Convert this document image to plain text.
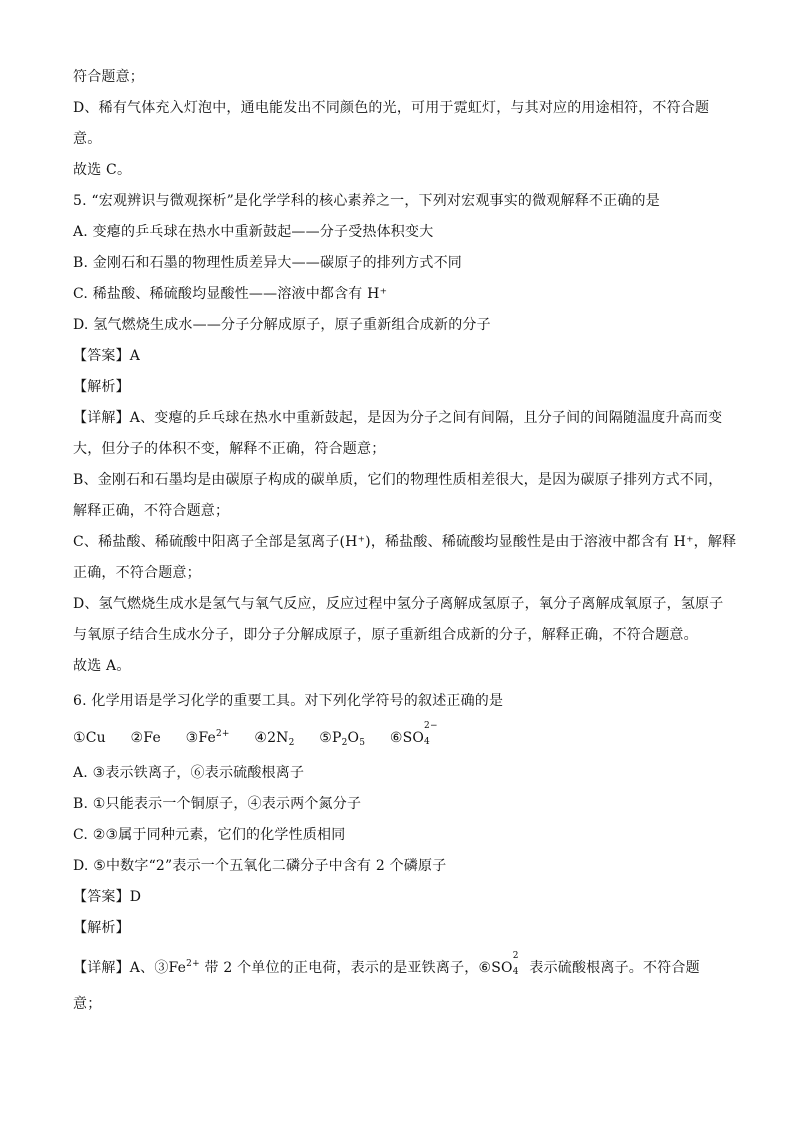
符合题意；
D、稀有气体充入灯泡中，通电能发出不同颜色的光，可用于霓虹灯，与其对应的用途相符，不符合题
意。
故选 C。
5. “宏观辨识与微观探析”是化学学科的核心素养之一，下列对宏观事实的微观解释不正确的是
A. 变瘪的乒乓球在热水中重新鼓起——分子受热体积变大
B. 金刚石和石墨的物理性质差异大——碳原子的排列方式不同
C. 稀盐酸、稀硫酸均显酸性——溶液中都含有 H⁺
D. 氢气燃烧生成水——分子分解成原子，原子重新组合成新的分子
【答案】A
【解析】
【详解】A、变瘪的乒乓球在热水中重新鼓起，是因为分子之间有间隔，且分子间的间隔随温度升高而变
大，但分子的体积不变，解释不正确，符合题意；
B、金刚石和石墨均是由碳原子构成的碳单质，它们的物理性质相差很大，是因为碳原子排列方式不同，
解释正确，不符合题意；
C、稀盐酸、稀硫酸中阳离子全部是氢离子(H⁺)，稀盐酸、稀硫酸均显酸性是由于溶液中都含有 H⁺，解释
正确，不符合题意；
D、氢气燃烧生成水是氢气与氧气反应，反应过程中氢分子离解成氢原子，氧分子离解成氧原子，氢原子
与氧原子结合生成水分子，即分子分解成原子，原子重新组合成新的分子，解释正确，不符合题意。
故选 A。
6. 化学用语是学习化学的重要工具。对下列化学符号的叙述正确的是
①Cu ②Fe $③Fe^{2+}$ $④2N_2$ $⑤P_2O_5$ ⑥SO
2−
4
A. ③表示铁离子，⑥表示硫酸根离子
B. ①只能表示一个铜原子，④表示两个氮分子
C. ②③属于同种元素，它们的化学性质相同
D. ⑤中数字“2”表示一个五氧化二磷分子中含有 2 个磷原子
【答案】D
【解析】
【详解】A、$③Fe^{2+}$ 带 2 个单位的正电荷，表示的是亚铁离子，⑥SO
2
4 表示硫酸根离子。不符合题
意；
